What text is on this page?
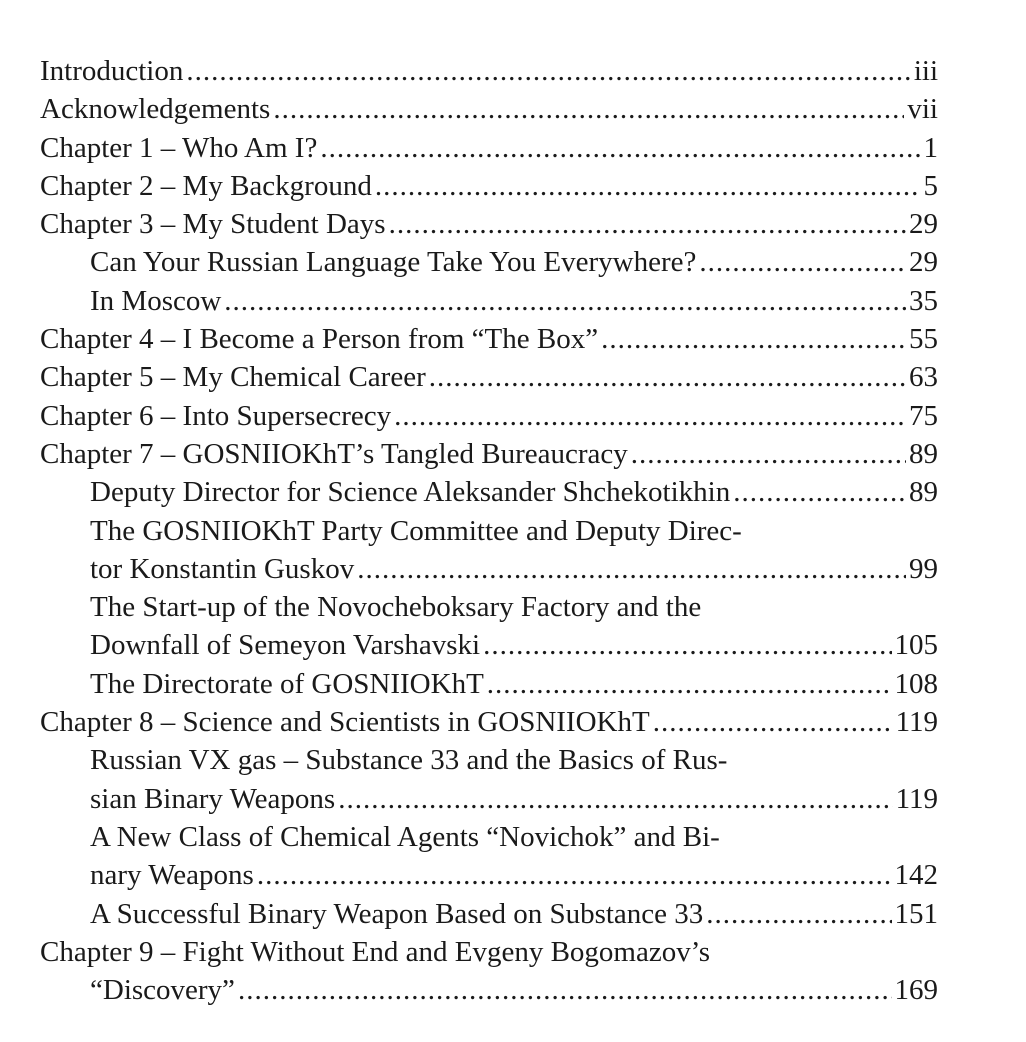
Introduction .....	iii
Acknowledgements .....	vii
Chapter 1 – Who Am I? .....	1
Chapter 2 – My Background .....	5
Chapter 3 – My Student Days .....	29
Can Your Russian Language Take You Everywhere? .....	29
In Moscow .....	35
Chapter 4 – I Become a Person from “The Box” .....	55
Chapter 5 – My Chemical Career .....	63
Chapter 6 – Into Supersecrecy .....	75
Chapter 7 – GOSNIIOKhT’s Tangled Bureaucracy .....	89
Deputy Director for Science Aleksander Shchekotikhin .....	89
The GOSNIIOKhT Party Committee and Deputy Direc-
tor Konstantin Guskov .....	99
The Start-up of the Novocheboksary Factory and the
Downfall of Semeyon Varshavski .....	105
The Directorate of GOSNIIOKhT .....	108
Chapter 8 – Science and Scientists in GOSNIIOKhT .....	119
Russian VX gas – Substance 33 and the Basics of Rus-
sian Binary Weapons .....	119
A New Class of Chemical Agents “Novichok” and Bi-
nary Weapons .....	142
A Successful Binary Weapon Based on Substance 33 .....	151
Chapter 9 – Fight Without End and Evgeny Bogomazov’s
“Discovery” .....	169
